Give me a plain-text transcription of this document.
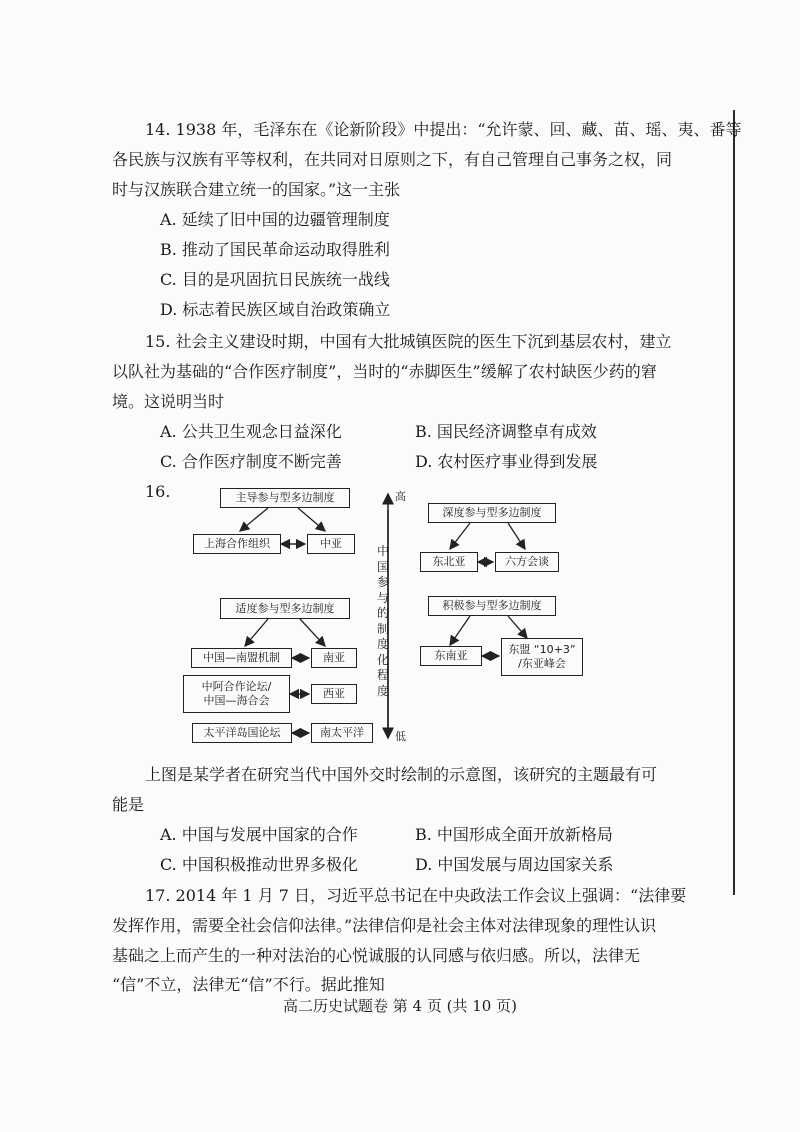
14. 1938 年，毛泽东在《论新阶段》中提出：“允许蒙、回、藏、苗、瑶、夷、番等
各民族与汉族有平等权利，在共同对日原则之下，有自己管理自己事务之权，同
时与汉族联合建立统一的国家。”这一主张
A. 延续了旧中国的边疆管理制度
B. 推动了国民革命运动取得胜利
C. 目的是巩固抗日民族统一战线
D. 标志着民族区域自治政策确立
15. 社会主义建设时期，中国有大批城镇医院的医生下沉到基层农村，建立
以队社为基础的“合作医疗制度”，当时的“赤脚医生”缓解了农村缺医少药的窘
境。这说明当时
A. 公共卫生观念日益深化	B. 国民经济调整卓有成效
C. 合作医疗制度不断完善	D. 农村医疗事业得到发展
16.	高
低
中国参与的制度化程度
主导参与型多边制度
上海合作组织	中亚
适度参与型多边制度
中国—南盟机制	南亚
中阿合作论坛/
中国—海合会
西亚
太平洋岛国论坛	南太平洋
深度参与型多边制度
东北亚	六方会谈
积极参与型多边制度
东南亚	东盟 “10+3”
/东亚峰会
上图是某学者在研究当代中国外交时绘制的示意图，该研究的主题最有可
能是
A. 中国与发展中国家的合作	B. 中国形成全面开放新格局
C. 中国积极推动世界多极化	D. 中国发展与周边国家关系
17. 2014 年 1 月 7 日，习近平总书记在中央政法工作会议上强调：“法律要
发挥作用，需要全社会信仰法律。”法律信仰是社会主体对法律现象的理性认识
基础之上而产生的一种对法治的心悦诚服的认同感与依归感。所以，法律无
“信”不立，法律无“信”不行。据此推知
高二历史试题卷 第 4 页 (共 10 页)
